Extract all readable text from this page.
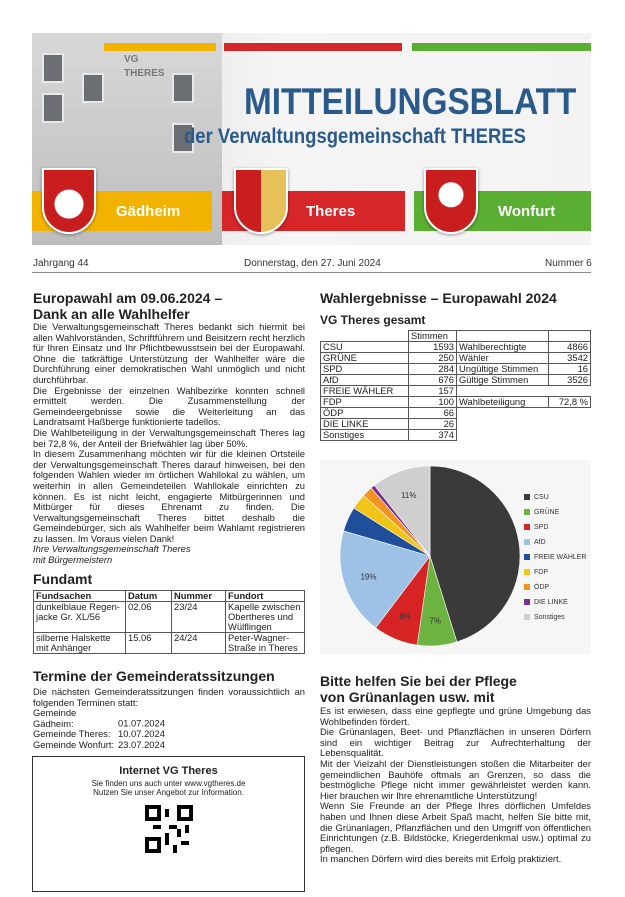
VG THERES
MITTEILUNGSBLATT
der Verwaltungsgemeinschaft THERES
Gädheim	Theres	Wonfurt
Jahrgang 44	Donnerstag, den 27. Juni 2024	Nummer 6
Europawahl am 09.06.2024 –
Dank an alle Wahlhelfer
Die Verwaltungsgemeinschaft Theres bedankt sich hiermit bei allen Wahlvorständen, Schriftführern und Beisitzern recht herzlich für Ihren Einsatz und Ihr Pflichtbewusstsein bei der Europawahl. Ohne die tatkräftige Unterstützung der Wahlhelfer wäre die Durchführung einer demokratischen Wahl unmöglich und nicht durchführbar.
Die Ergebnisse der einzelnen Wahlbezirke konnten schnell ermittelt werden. Die Zusammenstellung der Gemeindeergebnisse sowie die Weiterleitung an das Landratsamt Haßberge funktionierte tadellos.
Die Wahlbeteiligung in der Verwaltungsgemeinschaft Theres lag bei 72,8 %, der Anteil der Briefwähler lag über 50%.
In diesem Zusammenhang möchten wir für die kleinen Ortsteile der Verwaltungsgemeinschaft Theres darauf hinweisen, bei den folgenden Wahlen wieder im örtlichen Wahllokal zu wählen, um weiterhin in allen Gemeindeteilen Wahllokale einrichten zu können. Es ist nicht leicht, engagierte Mitbürgerinnen und Mitbürger für dieses Ehrenamt zu finden. Die Verwaltungsgemeinschaft Theres bittet deshalb die Gemeindebürger, sich als Wahlhelfer beim Wahlamt registrieren zu lassen. Im Voraus vielen Dank!
Ihre Verwaltungsgemeinschaft Theres
mit Bürgermeistern
Fundamt
Fundsachen	Datum	Nummer	Fundort
dunkelblaue Regen-jacke Gr. XL/56	02.06	23/24	Kapelle zwischen Obertheres und Wülflingen
silberne Halskette mit Anhänger	15.06	24/24	Peter-Wagner-Straße in Theres
Termine der Gemeinderatssitzungen
Die nächsten Gemeinderatssitzungen finden voraussichtlich an folgenden Terminen statt:
Gemeinde Gädheim:	01.07.2024
Gemeinde Theres: 10.07.2024
Gemeinde Wonfurt: 23.07.2024
Internet VG Theres
Sie finden uns auch unter www.vgtheres.de
Nutzen Sie unser Angebot zur Information.
Wahlergebnisse – Europawahl 2024
VG Theres gesamt
	Stimmen		
CSU	1593	Wahlberechtigte	4866
GRÜNE	250	Wähler	3542
SPD	284	Ungültige Stimmen	16
AfD	676	Gültige Stimmen	3526
FREIE WÄHLER	157		
FDP	100	Wahlbeteiligung	72,8 %
ÖDP	66		
DIE LINKE	26		
Sonstiges	374		
7%
8%
19%
11%	CSU
GRÜNE
SPD
AfD
FREIE WÄHLER
FDP
ÖDP
DIE LINKE
Sonstiges
Bitte helfen Sie bei der Pflege
von Grünanlagen usw. mit
Es ist erwiesen, dass eine gepflegte und grüne Umgebung das Wohlbefinden fördert.
Die Grünanlagen, Beet- und Pflanzflächen in unseren Dörfern sind ein wichtiger Beitrag zur Aufrechterhaltung der Lebensqualität.
Mit der Vielzahl der Dienstleistungen stoßen die Mitarbeiter der gemeindlichen Bauhöfe oftmals an Grenzen, so dass die bestmögliche Pflege nicht immer gewährleistet werden kann. Hier brauchen wir Ihre ehrenamtliche Unterstützung!
Wenn Sie Freunde an der Pflege Ihres dörflichen Umfeldes haben und Ihnen diese Arbeit Spaß macht, helfen Sie bitte mit, die Grünanlagen, Pflanzflächen und den Umgriff von öffentlichen Einrichtungen (z.B. Bildstöcke, Kriegerdenkmal usw.) optimal zu pflegen.
In manchen Dörfern wird dies bereits mit Erfolg praktiziert.
